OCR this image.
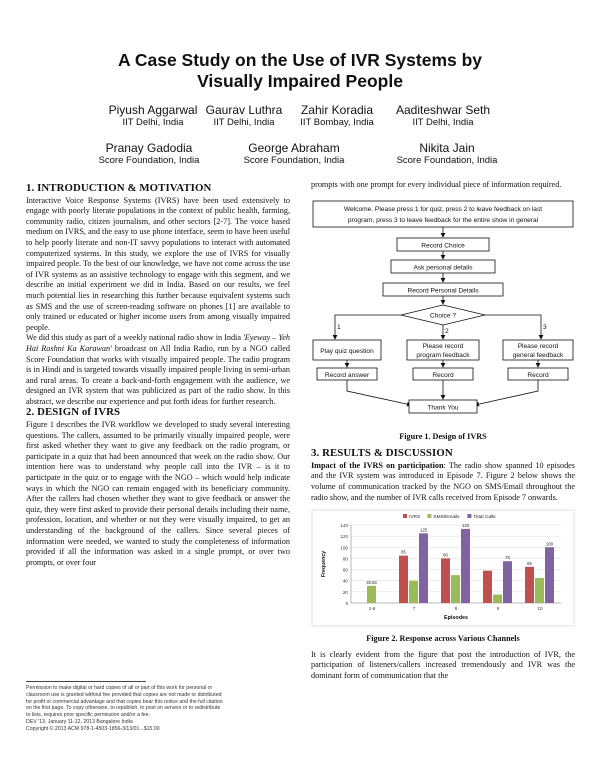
A Case Study on the Use of IVR Systems by
Visually Impaired People
Piyush Aggarwal
IIT Delhi, India
Gaurav Luthra
IIT Delhi, India
Zahir Koradia
IIT Bombay, India
Aaditeshwar Seth
IIT Delhi, India
Pranay Gadodia
Score Foundation, India
George Abraham
Score Foundation, India
Nikita Jain
Score Foundation, India
1. INTRODUCTION & MOTIVATION

Interactive Voice Response Systems (IVRS) have been used extensively to engage with poorly literate populations in the context of public health, farming, community radio, citizen journalism, and other sectors [2-7]. The voice based medium on IVRS, and the easy to use phone interface, seem to have been useful to help poorly literate and non-IT savvy populations to interact with automated computerized systems. In this study, we explore the use of IVRS for visually impaired people. To the best of our knowledge, we have not come across the use of IVR systems as an assistive technology to engage with this segment, and we describe an initial experiment we did in India. Based on our results, we feel much potential lies in researching this further because equivalent systems such as SMS and the use of screen-reading software on phones [1] are available to only trained or educated or higher income users from among visually impaired people.

We did this study as part of a weekly national radio show in India 'Eyeway – Yeh Hai Roshni Ka Karawan' broadcast on All India Radio, run by a NGO called Score Foundation that works with visually impaired people. The radio program is in Hindi and is targeted towards visually impaired people living in semi-urban and rural areas. To create a back-and-forth engagement with the audience, we designed an IVR system that was publicized as part of the radio show. In this abstract, we describe our experience and put forth ideas for further research.

2. DESIGN of IVRS

Figure 1 describes the IVR workflow we developed to study several interesting questions. The callers, assumed to be primarily visually impaired people, were first asked whether they want to give any feedback on the radio program, or participate in a quiz that had been announced that week on the radio show. Our intention here was to understand why people call into the IVR – is it to participate in the quiz or to engage with the NGO – which would help indicate ways in which the NGO can remain engaged with its beneficiary community. After the callers had chosen whether they want to give feedback or answer the quiz, they were first asked to provide their personal details including their name, profession, location, and whether or not they were visually impaired, to get an understanding of the background of the callers. Since several pieces of information were needed, we wanted to study the completeness of information provided if all the information was asked in a single prompt, or over two prompts, or over four

Permission to make digital or hard copies of all or part of this work for personal or
classroom use is granted without fee provided that copies are not made or distributed
for profit or commercial advantage and that copies bear this notice and the full citation
on the first page. To copy otherwise, to republish, to post on servers or to redistribute
to lists, requires prior specific permission and/or a fee.
DEV '13, January 11-12, 2013 Bangalore India
Copyright © 2013 ACM 978-1-4503-1856-3/13/01...$15.00

prompts with one prompt for every individual piece of information required.

Welcome. Please press 1 for quiz, press 2 to leave feedback on last
program, press 3 to leave feedback for the entire show in general
Record Choice
Ask personal details
Record Personal Details
Choice ?
1
2
3
Play quiz question
Please record
program feedback
Please record
general feedback
Record answer	Record	Record
Thank You
Figure 1. Design of IVRS
3. RESULTS & DISCUSSION

Impact of the IVRS on participation: The radio show spanned 10 episodes and the IVR system was introduced in Episode 7. Figure 2 below shows the volume of communication tracked by the NGO on SMS/Email throughout the radio show, and the number of IVR calls received from Episode 7 onwards.

0
20
40
60
80
100
120
140
Frequency
Episodes
IVRS	SMS/Emails	Total Calls
1-6
30.83
7
85
125
8
80
133
9
78
10
65
100
Figure 2. Response across Various Channels

It is clearly evident from the figure that post the introduction of IVR, the participation of listeners/callers increased tremendously and IVR was the dominant form of communication that the
